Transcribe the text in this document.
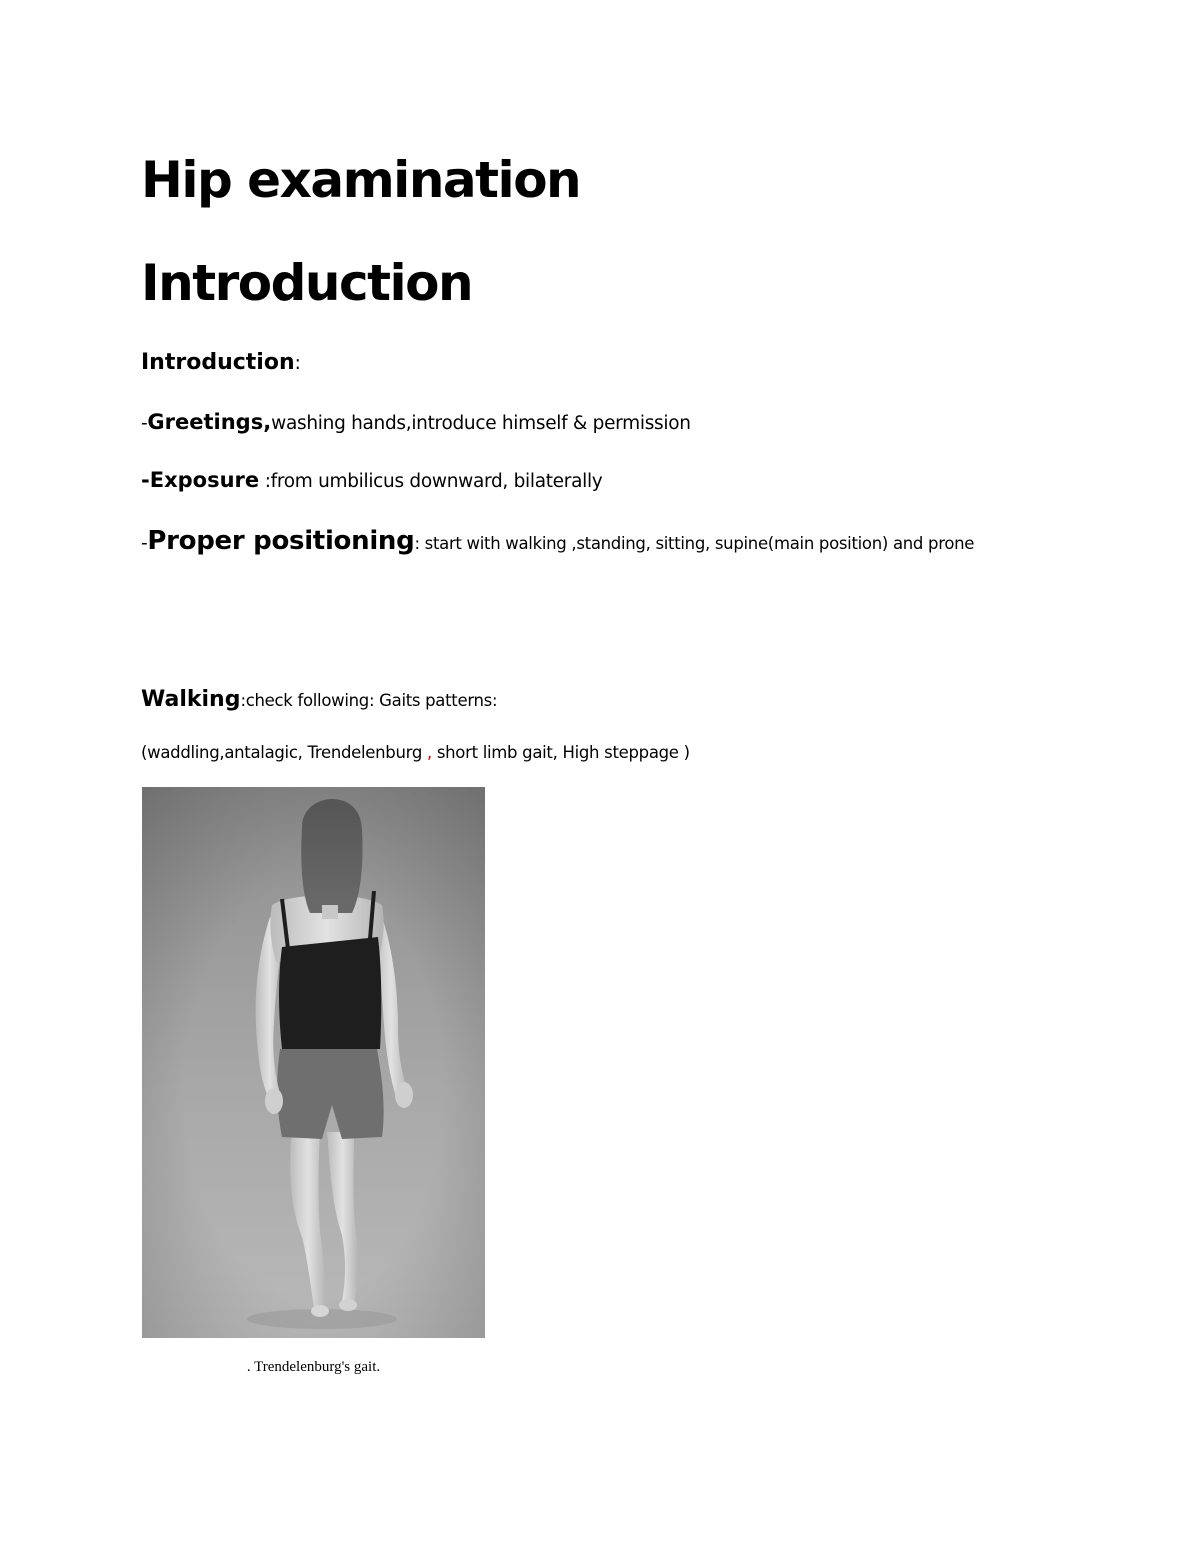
Hip examination
Introduction
Introduction:
-Greetings,washing hands,introduce himself & permission
-Exposure :from umbilicus downward, bilaterally
-Proper positioning: start with walking ,standing, sitting, supine(main position) and prone
Walking:check following: Gaits patterns:
(waddling,antalagic, Trendelenburg , short limb gait, High steppage )
. Trendelenburg's gait.
